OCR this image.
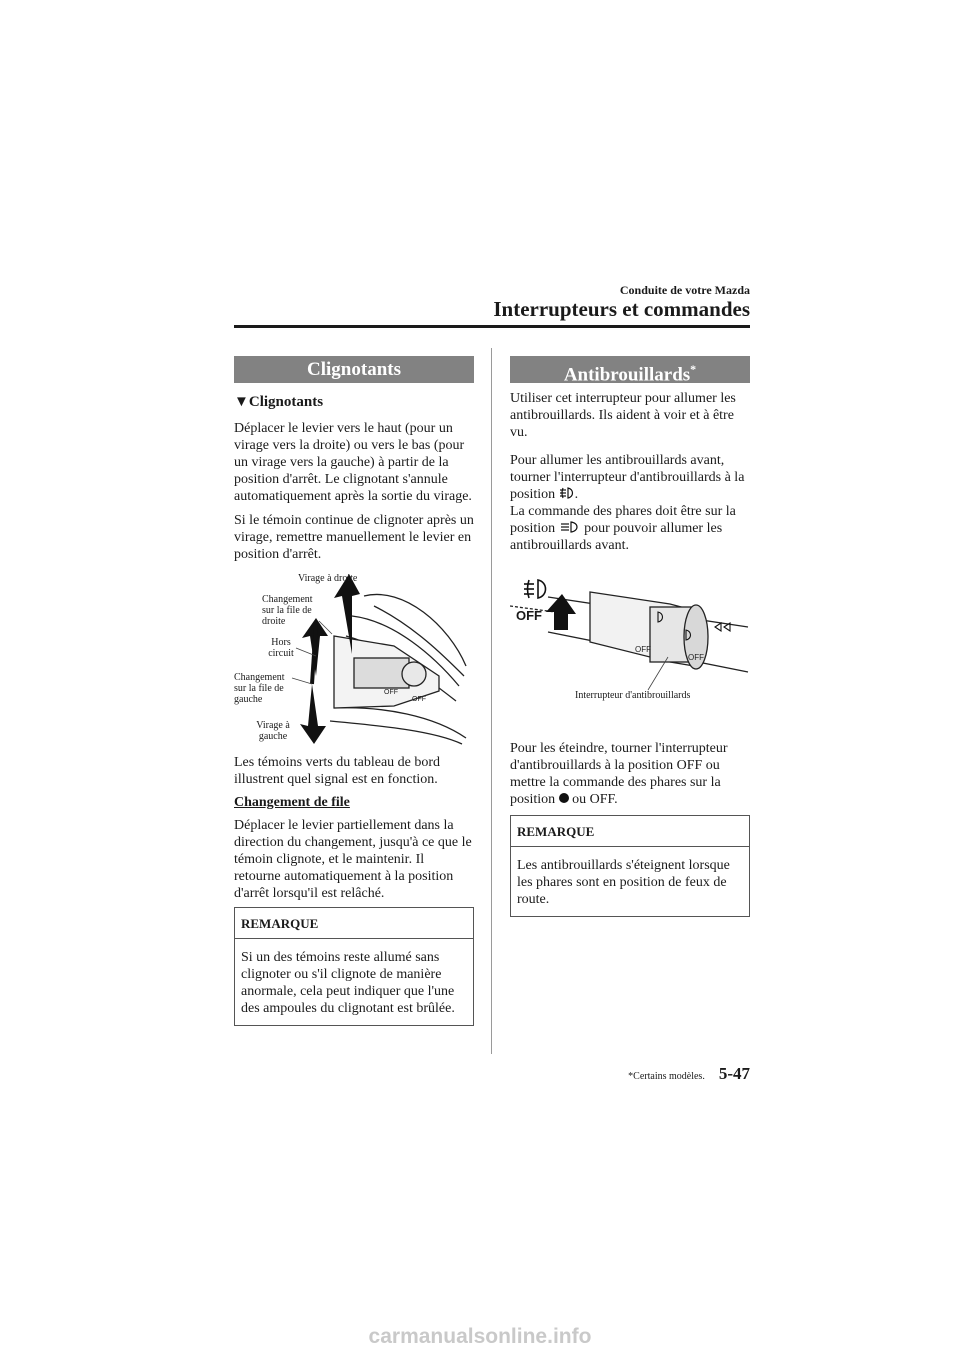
Conduite de votre Mazda
Interrupteurs et commandes
Clignotants
▼Clignotants
Déplacer le levier vers le haut (pour un virage vers la droite) ou vers le bas (pour un virage vers la gauche) à partir de la position d'arrêt. Le clignotant s'annule automatiquement après la sortie du virage.
Si le témoin continue de clignoter après un virage, remettre manuellement le levier en position d'arrêt.
OFF
OFF
Virage à droite
Changement sur la file de droite
Hors circuit
Changement sur la file de gauche
Virage à gauche
Les témoins verts du tableau de bord illustrent quel signal est en fonction.
Changement de file
Déplacer le levier partiellement dans la direction du changement, jusqu'à ce que le témoin clignote, et le maintenir. Il retourne automatiquement à la position d'arrêt lorsqu'il est relâché.
REMARQUE
Si un des témoins reste allumé sans clignoter ou s'il clignote de manière anormale, cela peut indiquer que l'une des ampoules du clignotant est brûlée.
Antibrouillards*
Utiliser cet interrupteur pour allumer les antibrouillards. Ils aident à voir et à être vu.
Pour allumer les antibrouillards avant, tourner l'interrupteur d'antibrouillards à la position .
La commande des phares doit être sur la position pour pouvoir allumer les antibrouillards avant.
OFF
OFF
OFF
Interrupteur d'antibrouillards
Pour les éteindre, tourner l'interrupteur d'antibrouillards à la position OFF ou mettre la commande des phares sur la position ou OFF.
REMARQUE
Les antibrouillards s'éteignent lorsque les phares sont en position de feux de route.
*Certains modèles. 5-47
carmanualsonline.info
